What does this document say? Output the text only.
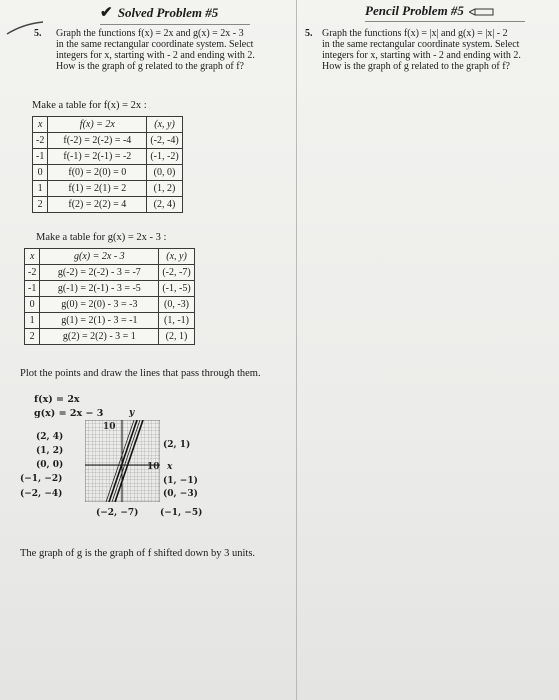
✔ Solved Problem #5
5. Graph the functions f(x) = 2x and g(x) = 2x - 3
in the same rectangular coordinate system. Select
integers for x, starting with - 2 and ending with 2.
How is the graph of g related to the graph of f?
Make a table for f(x) = 2x :
x	f(x) = 2x	(x, y)
-2	f(-2) = 2(-2) = -4	(-2, -4)
-1	f(-1) = 2(-1) = -2	(-1, -2)
0	f(0) = 2(0) = 0	(0, 0)
1	f(1) = 2(1) = 2	(1, 2)
2	f(2) = 2(2) = 4	(2, 4)
Make a table for g(x) = 2x - 3 :
x	g(x) = 2x - 3	(x, y)
-2	g(-2) = 2(-2) - 3 = -7	(-2, -7)
-1	g(-1) = 2(-1) - 3 = -5	(-1, -5)
0	g(0) = 2(0) - 3 = -3	(0, -3)
1	g(1) = 2(1) - 3 = -1	(1, -1)
2	g(2) = 2(2) - 3 = 1	(2, 1)
Plot the points and draw the lines that pass through them.
f(x) = 2x
g(x) = 2x − 3	y
x
(2, 4)
(1, 2)
(0, 0)
(−1, −2)
(−2, −4)
(2, 1)
(1, −1)
(0, −3)
(−2, −7) (−1, −5)
The graph of g is the graph of f shifted down by 3 units.
Pencil Problem #5
5. Graph the functions f(x) = |x| and g(x) = |x| - 2
in the same rectangular coordinate system. Select
integers for x, starting with - 2 and ending with 2.
How is the graph of g related to the graph of f?
